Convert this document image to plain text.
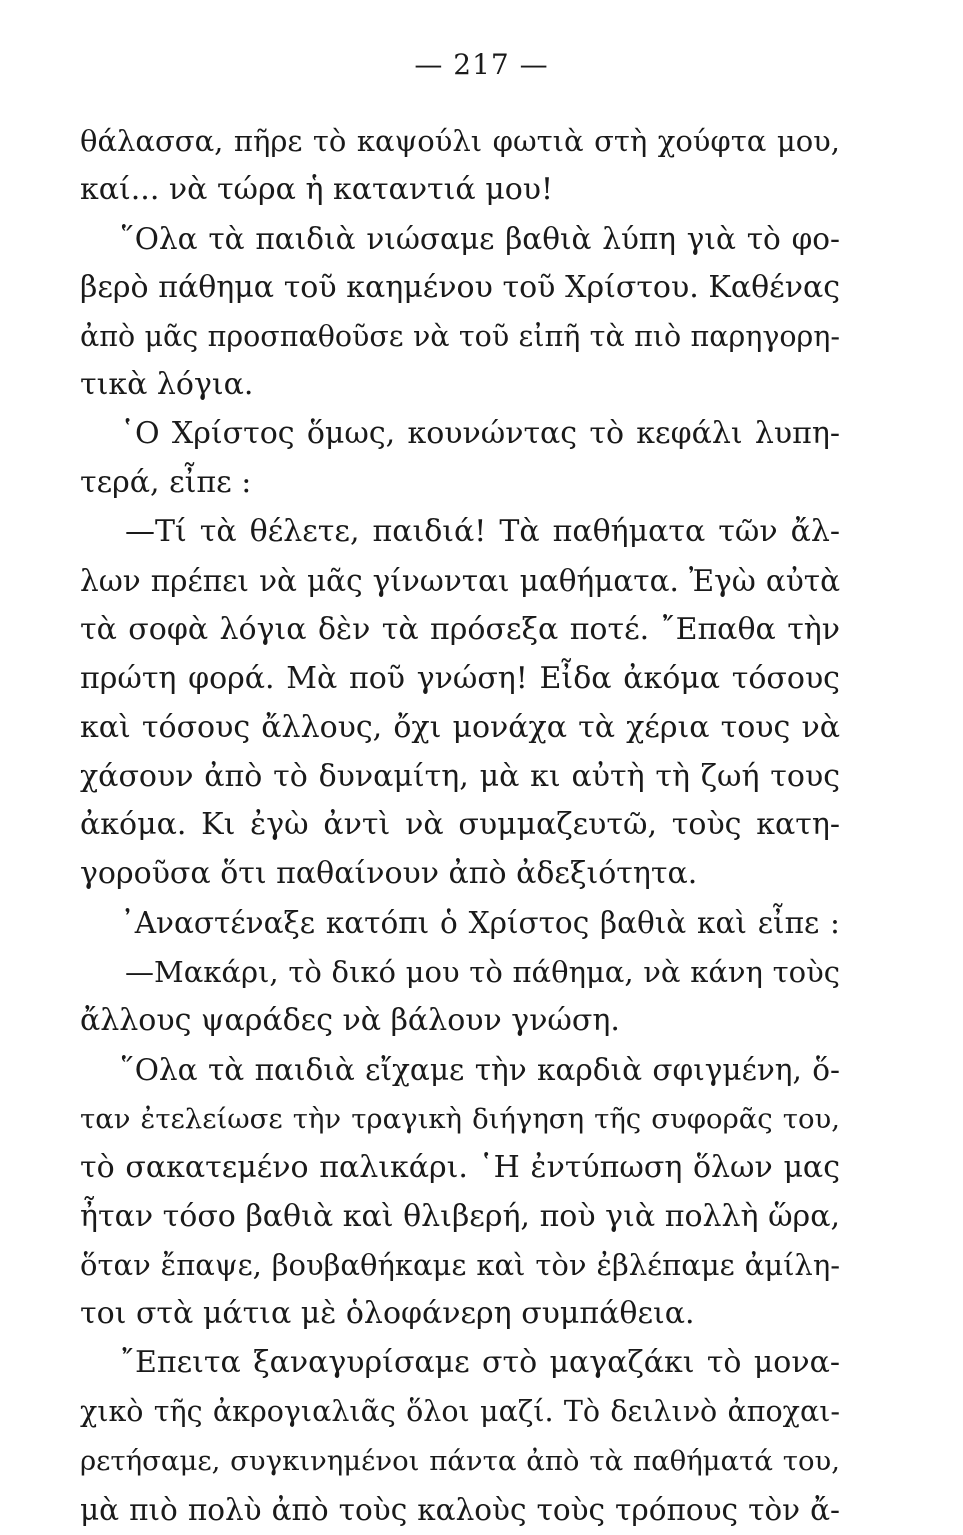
— 217 —
θάλασσα, πῆρε τὸ καψούλι φωτιὰ στὴ χούφτα μου,
καί... νὰ τώρα ἡ καταντιά μου!
῞Ολα τὰ παιδιὰ νιώσαμε βαθιὰ λύπη γιὰ τὸ φο-
βερὸ πάθημα τοῦ καημένου τοῦ Χρίστου. Καθένας
ἀπὸ μᾶς προσπαθοῦσε νὰ τοῦ εἰπῆ τὰ πιὸ παρηγορη-
τικὰ λόγια.
῾Ο Χρίστος ὅμως, κουνώντας τὸ κεφάλι λυπη-
τερά, εἶπε :
—Τί τὰ θέλετε, παιδιά! Τὰ παθήματα τῶν ἄλ-
λων πρέπει νὰ μᾶς γίνωνται μαθήματα. Ἐγὼ αὐτὰ
τὰ σοφὰ λόγια δὲν τὰ πρόσεξα ποτέ. ῎Επαθα τὴν
πρώτη φορά. Μὰ ποῦ γνώση! Εἶδα ἀκόμα τόσους
καὶ τόσους ἄλλους, ὄχι μονάχα τὰ χέρια τους νὰ
χάσουν ἀπὸ τὸ δυναμίτη, μὰ κι αὐτὴ τὴ ζωή τους
ἀκόμα. Κι ἐγὼ ἀντὶ νὰ συμμαζευτῶ, τοὺς κατη-
γοροῦσα ὅτι παθαίνουν ἀπὸ ἀδεξιότητα.
᾿Αναστέναξε κατόπι ὁ Χρίστος βαθιὰ καὶ εἶπε :
—Μακάρι, τὸ δικό μου τὸ πάθημα, νὰ κάνη τοὺς
ἄλλους ψαράδες νὰ βάλουν γνώση.
῞Ολα τὰ παιδιὰ εἴχαμε τὴν καρδιὰ σφιγμένη, ὅ-
ταν ἐτελείωσε τὴν τραγικὴ διήγηση τῆς συφορᾶς του,
τὸ σακατεμένο παλικάρι. ῾Η ἐντύπωση ὅλων μας
ἦταν τόσο βαθιὰ καὶ θλιβερή, ποὺ γιὰ πολλὴ ὥρα,
ὅταν ἔπαψε, βουβαθήκαμε καὶ τὸν ἐβλέπαμε ἀμίλη-
τοι στὰ μάτια μὲ ὁλοφάνερη συμπάθεια.
῎Επειτα ξαναγυρίσαμε στὸ μαγαζάκι τὸ μονα-
χικὸ τῆς ἀκρογιαλιᾶς ὅλοι μαζί. Τὸ δειλινὸ ἀποχαι-
ρετήσαμε, συγκινημένοι πάντα ἀπὸ τὰ παθήματά του,
μὰ πιὸ πολὺ ἀπὸ τοὺς καλοὺς τοὺς τρόπους τὸν ἄ-
